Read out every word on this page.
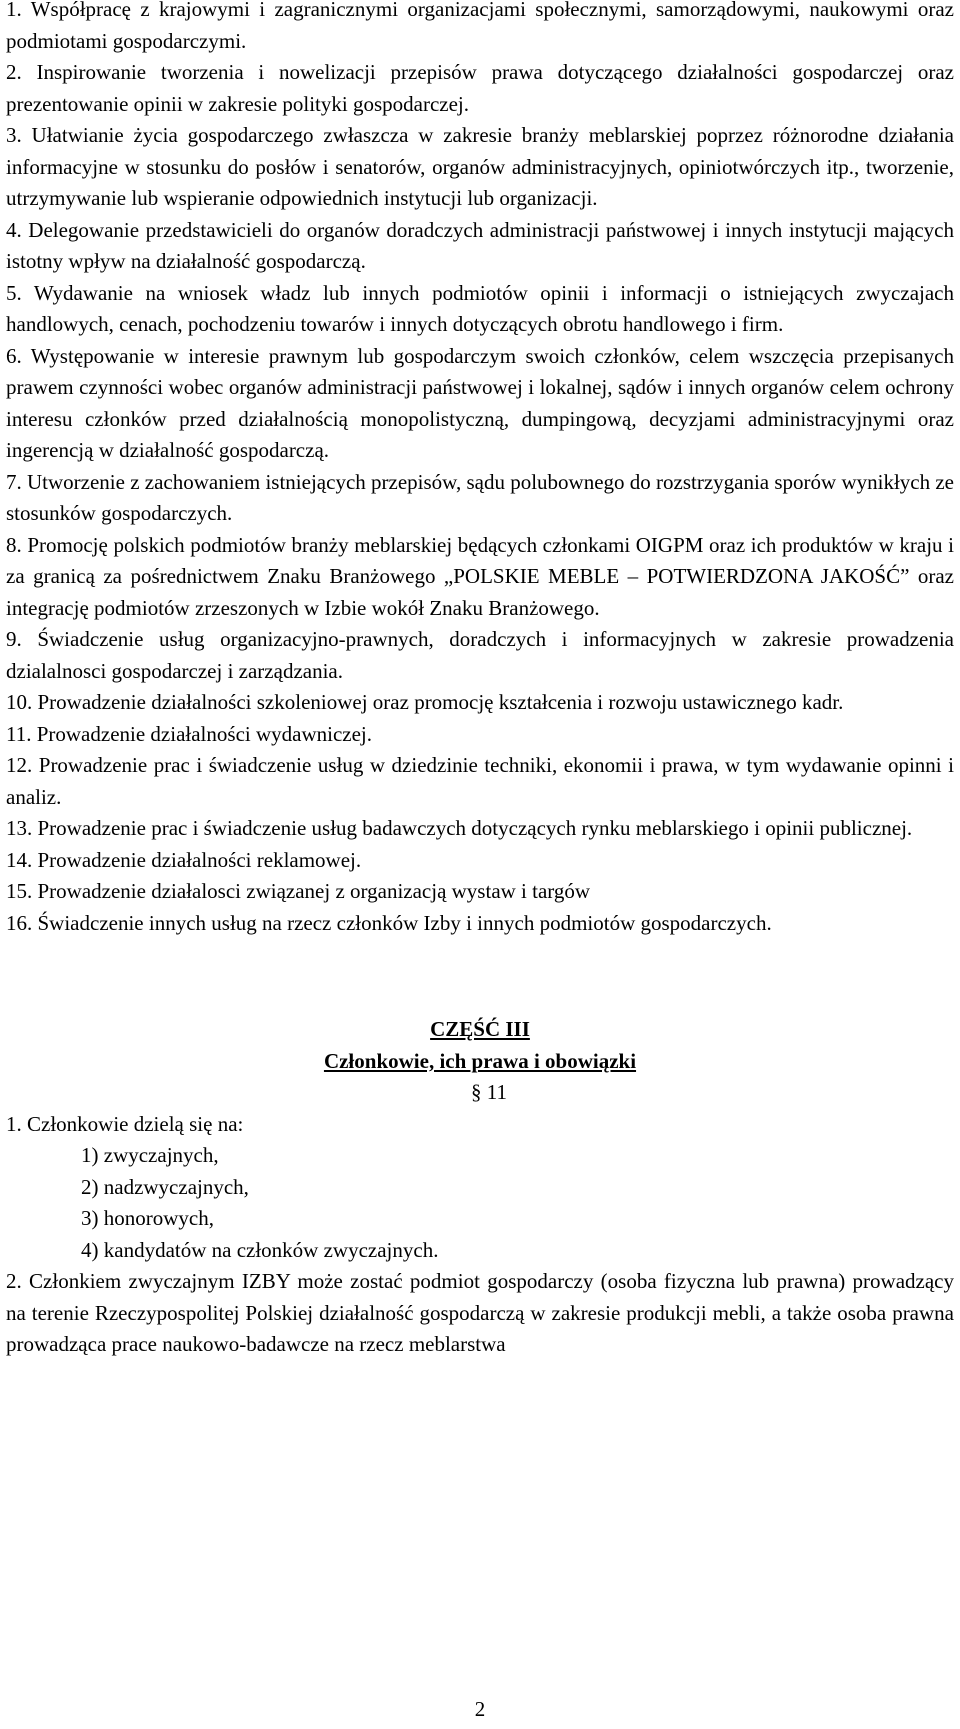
1. Współpracę z krajowymi i zagranicznymi organizacjami społecznymi, samorządowymi, naukowymi oraz podmiotami gospodarczymi.

2. Inspirowanie tworzenia i nowelizacji przepisów prawa dotyczącego działalności gospodarczej oraz prezentowanie opinii w zakresie polityki gospodarczej.

3. Ułatwianie życia gospodarczego zwłaszcza w zakresie branży meblarskiej poprzez różnorodne działania informacyjne w stosunku do posłów i senatorów, organów administracyjnych, opiniotwórczych itp., tworzenie, utrzymywanie lub wspieranie odpowiednich instytucji lub organizacji.

4. Delegowanie przedstawicieli do organów doradczych administracji państwowej i innych instytucji mających istotny wpływ na działalność gospodarczą.

5. Wydawanie na wniosek władz lub innych podmiotów opinii i informacji o istniejących zwyczajach handlowych, cenach, pochodzeniu towarów i innych dotyczących obrotu handlowego i firm.

6. Występowanie w interesie prawnym lub gospodarczym swoich członków, celem wszczęcia przepisanych prawem czynności wobec organów administracji państwowej i lokalnej, sądów i innych organów celem ochrony interesu członków przed działalnością monopolistyczną, dumpingową, decyzjami administracyjnymi oraz ingerencją w działalność gospodarczą.

7. Utworzenie z zachowaniem istniejących przepisów, sądu polubownego do rozstrzygania sporów wynikłych ze stosunków gospodarczych.

8. Promocję polskich podmiotów branży meblarskiej będących członkami OIGPM oraz ich produktów w kraju i za granicą za pośrednictwem Znaku Branżowego „POLSKIE MEBLE – POTWIERDZONA JAKOŚĆ” oraz integrację podmiotów zrzeszonych w Izbie wokół Znaku Branżowego.

9. Świadczenie usług organizacyjno-prawnych, doradczych i informacyjnych w zakresie prowadzenia dzialalnosci gospodarczej i zarządzania.

10. Prowadzenie działalności szkoleniowej oraz promocję kształcenia i rozwoju ustawicznego kadr.

11. Prowadzenie działalności wydawniczej.

12. Prowadzenie prac i świadczenie usług w dziedzinie techniki, ekonomii i prawa, w tym wydawanie opinni i analiz.

13. Prowadzenie prac i świadczenie usług badawczych dotyczących rynku meblarskiego i opinii publicznej.

14. Prowadzenie działalności reklamowej.

15. Prowadzenie działalosci związanej z organizacją wystaw i targów

16. Świadczenie innych usług na rzecz członków Izby i innych podmiotów gospodarczych.

CZĘŚĆ III

Członkowie, ich prawa i obowiązki

§ 11

1. Członkowie dzielą się na:

1) zwyczajnych,

2) nadzwyczajnych,

3) honorowych,

4) kandydatów na członków zwyczajnych.

2. Członkiem zwyczajnym IZBY może zostać podmiot gospodarczy (osoba fizyczna lub prawna) prowadzący na terenie Rzeczypospolitej Polskiej działalność gospodarczą w zakresie produkcji mebli, a także osoba prawna prowadząca prace naukowo-badawcze na rzecz meblarstwa

2
